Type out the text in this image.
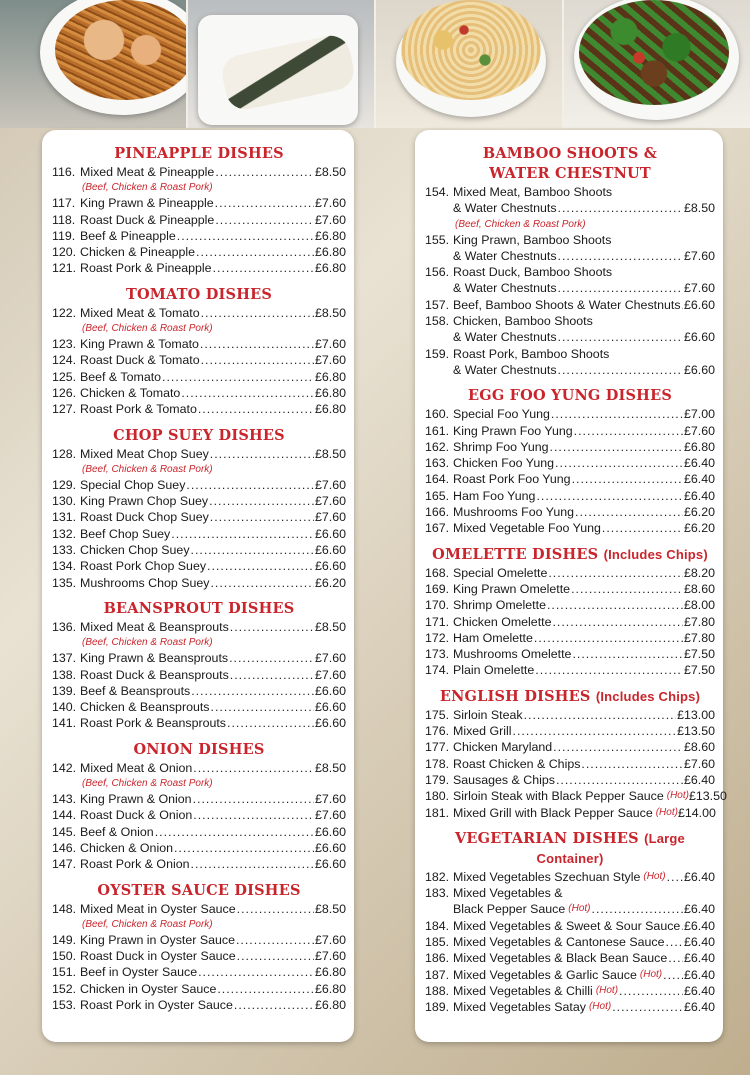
PINEAPPLE DISHES
116. Mixed Meat & Pineapple .....	£8.50
(Beef, Chicken & Roast Pork)
117. King Prawn & Pineapple .....	£7.60
118. Roast Duck & Pineapple .....	£7.60
119. Beef & Pineapple .....	£6.80
120. Chicken & Pineapple .....	£6.80
121. Roast Pork & Pineapple .....	£6.80
TOMATO DISHES
122. Mixed Meat & Tomato .....	£8.50
(Beef, Chicken & Roast Pork)
123. King Prawn & Tomato .....	£7.60
124. Roast Duck & Tomato .....	£7.60
125. Beef & Tomato .....	£6.80
126. Chicken & Tomato .....	£6.80
127. Roast Pork & Tomato .....	£6.80
CHOP SUEY DISHES
128. Mixed Meat Chop Suey .....	£8.50
(Beef, Chicken & Roast Pork)
129. Special Chop Suey .....	£7.60
130. King Prawn Chop Suey .....	£7.60
131. Roast Duck Chop Suey .....	£7.60
132. Beef Chop Suey .....	£6.60
133. Chicken Chop Suey .....	£6.60
134. Roast Pork Chop Suey .....	£6.60
135. Mushrooms Chop Suey .....	£6.20
BEANSPROUT DISHES
136. Mixed Meat & Beansprouts .....	£8.50
(Beef, Chicken & Roast Pork)
137. King Prawn & Beansprouts .....	£7.60
138. Roast Duck & Beansprouts .....	£7.60
139. Beef & Beansprouts .....	£6.60
140. Chicken & Beansprouts .....	£6.60
141. Roast Pork & Beansprouts .....	£6.60
ONION DISHES
142. Mixed Meat & Onion .....	£8.50
(Beef, Chicken & Roast Pork)
143. King Prawn & Onion .....	£7.60
144. Roast Duck & Onion .....	£7.60
145. Beef & Onion .....	£6.60
146. Chicken & Onion .....	£6.60
147. Roast Pork & Onion .....	£6.60
OYSTER SAUCE DISHES
148. Mixed Meat in Oyster Sauce .....	£8.50
(Beef, Chicken & Roast Pork)
149. King Prawn in Oyster Sauce .....	£7.60
150. Roast Duck in Oyster Sauce .....	£7.60
151. Beef in Oyster Sauce .....	£6.80
152. Chicken in Oyster Sauce .....	£6.80
153. Roast Pork in Oyster Sauce .....	£6.80
BAMBOO SHOOTS &
WATER CHESTNUT
154. Mixed Meat, Bamboo Shoots
& Water Chestnuts .....	£8.50
(Beef, Chicken & Roast Pork)
155. King Prawn, Bamboo Shoots
& Water Chestnuts .....	£7.60
156. Roast Duck, Bamboo Shoots
& Water Chestnuts .....	£7.60
157. Beef, Bamboo Shoots & Water Chestnuts ..... £6.60
158. Chicken, Bamboo Shoots
& Water Chestnuts .....	£6.60
159. Roast Pork, Bamboo Shoots
& Water Chestnuts .....	£6.60
EGG FOO YUNG DISHES
160. Special Foo Yung .....	£7.00
161. King Prawn Foo Yung .....	£7.60
162. Shrimp Foo Yung .....	£6.80
163. Chicken Foo Yung .....	£6.40
164. Roast Pork Foo Yung .....	£6.40
165. Ham Foo Yung .....	£6.40
166. Mushrooms Foo Yung .....	£6.20
167. Mixed Vegetable Foo Yung .....	£6.20
OMELETTE DISHES (Includes Chips)
168. Special Omelette .....	£8.20
169. King Prawn Omelette .....	£8.60
170. Shrimp Omelette .....	£8.00
171. Chicken Omelette .....	£7.80
172. Ham Omelette .....	£7.80
173. Mushrooms Omelette .....	£7.50
174. Plain Omelette .....	£7.50
ENGLISH DISHES (Includes Chips)
175. Sirloin Steak .....	£13.00
176. Mixed Grill .....	£13.50
177. Chicken Maryland .....	£8.60
178. Roast Chicken & Chips .....	£7.60
179. Sausages & Chips .....	£6.40
180. Sirloin Steak with Black Pepper Sauce (Hot) £13.50
181. Mixed Grill with Black Pepper Sauce (Hot) £14.00
VEGETARIAN DISHES (Large Container)
182. Mixed Vegetables Szechuan Style (Hot) ..... £6.40
183. Mixed Vegetables &
Black Pepper Sauce (Hot) .....	£6.40
184. Mixed Vegetables & Sweet & Sour Sauce ..... £6.40
185. Mixed Vegetables & Cantonese Sauce ..... £6.40
186. Mixed Vegetables & Black Bean Sauce ..... £6.40
187. Mixed Vegetables & Garlic Sauce (Hot) ..... £6.40
188. Mixed Vegetables & Chilli (Hot) .....	£6.40
189. Mixed Vegetables Satay (Hot) .....	£6.40
